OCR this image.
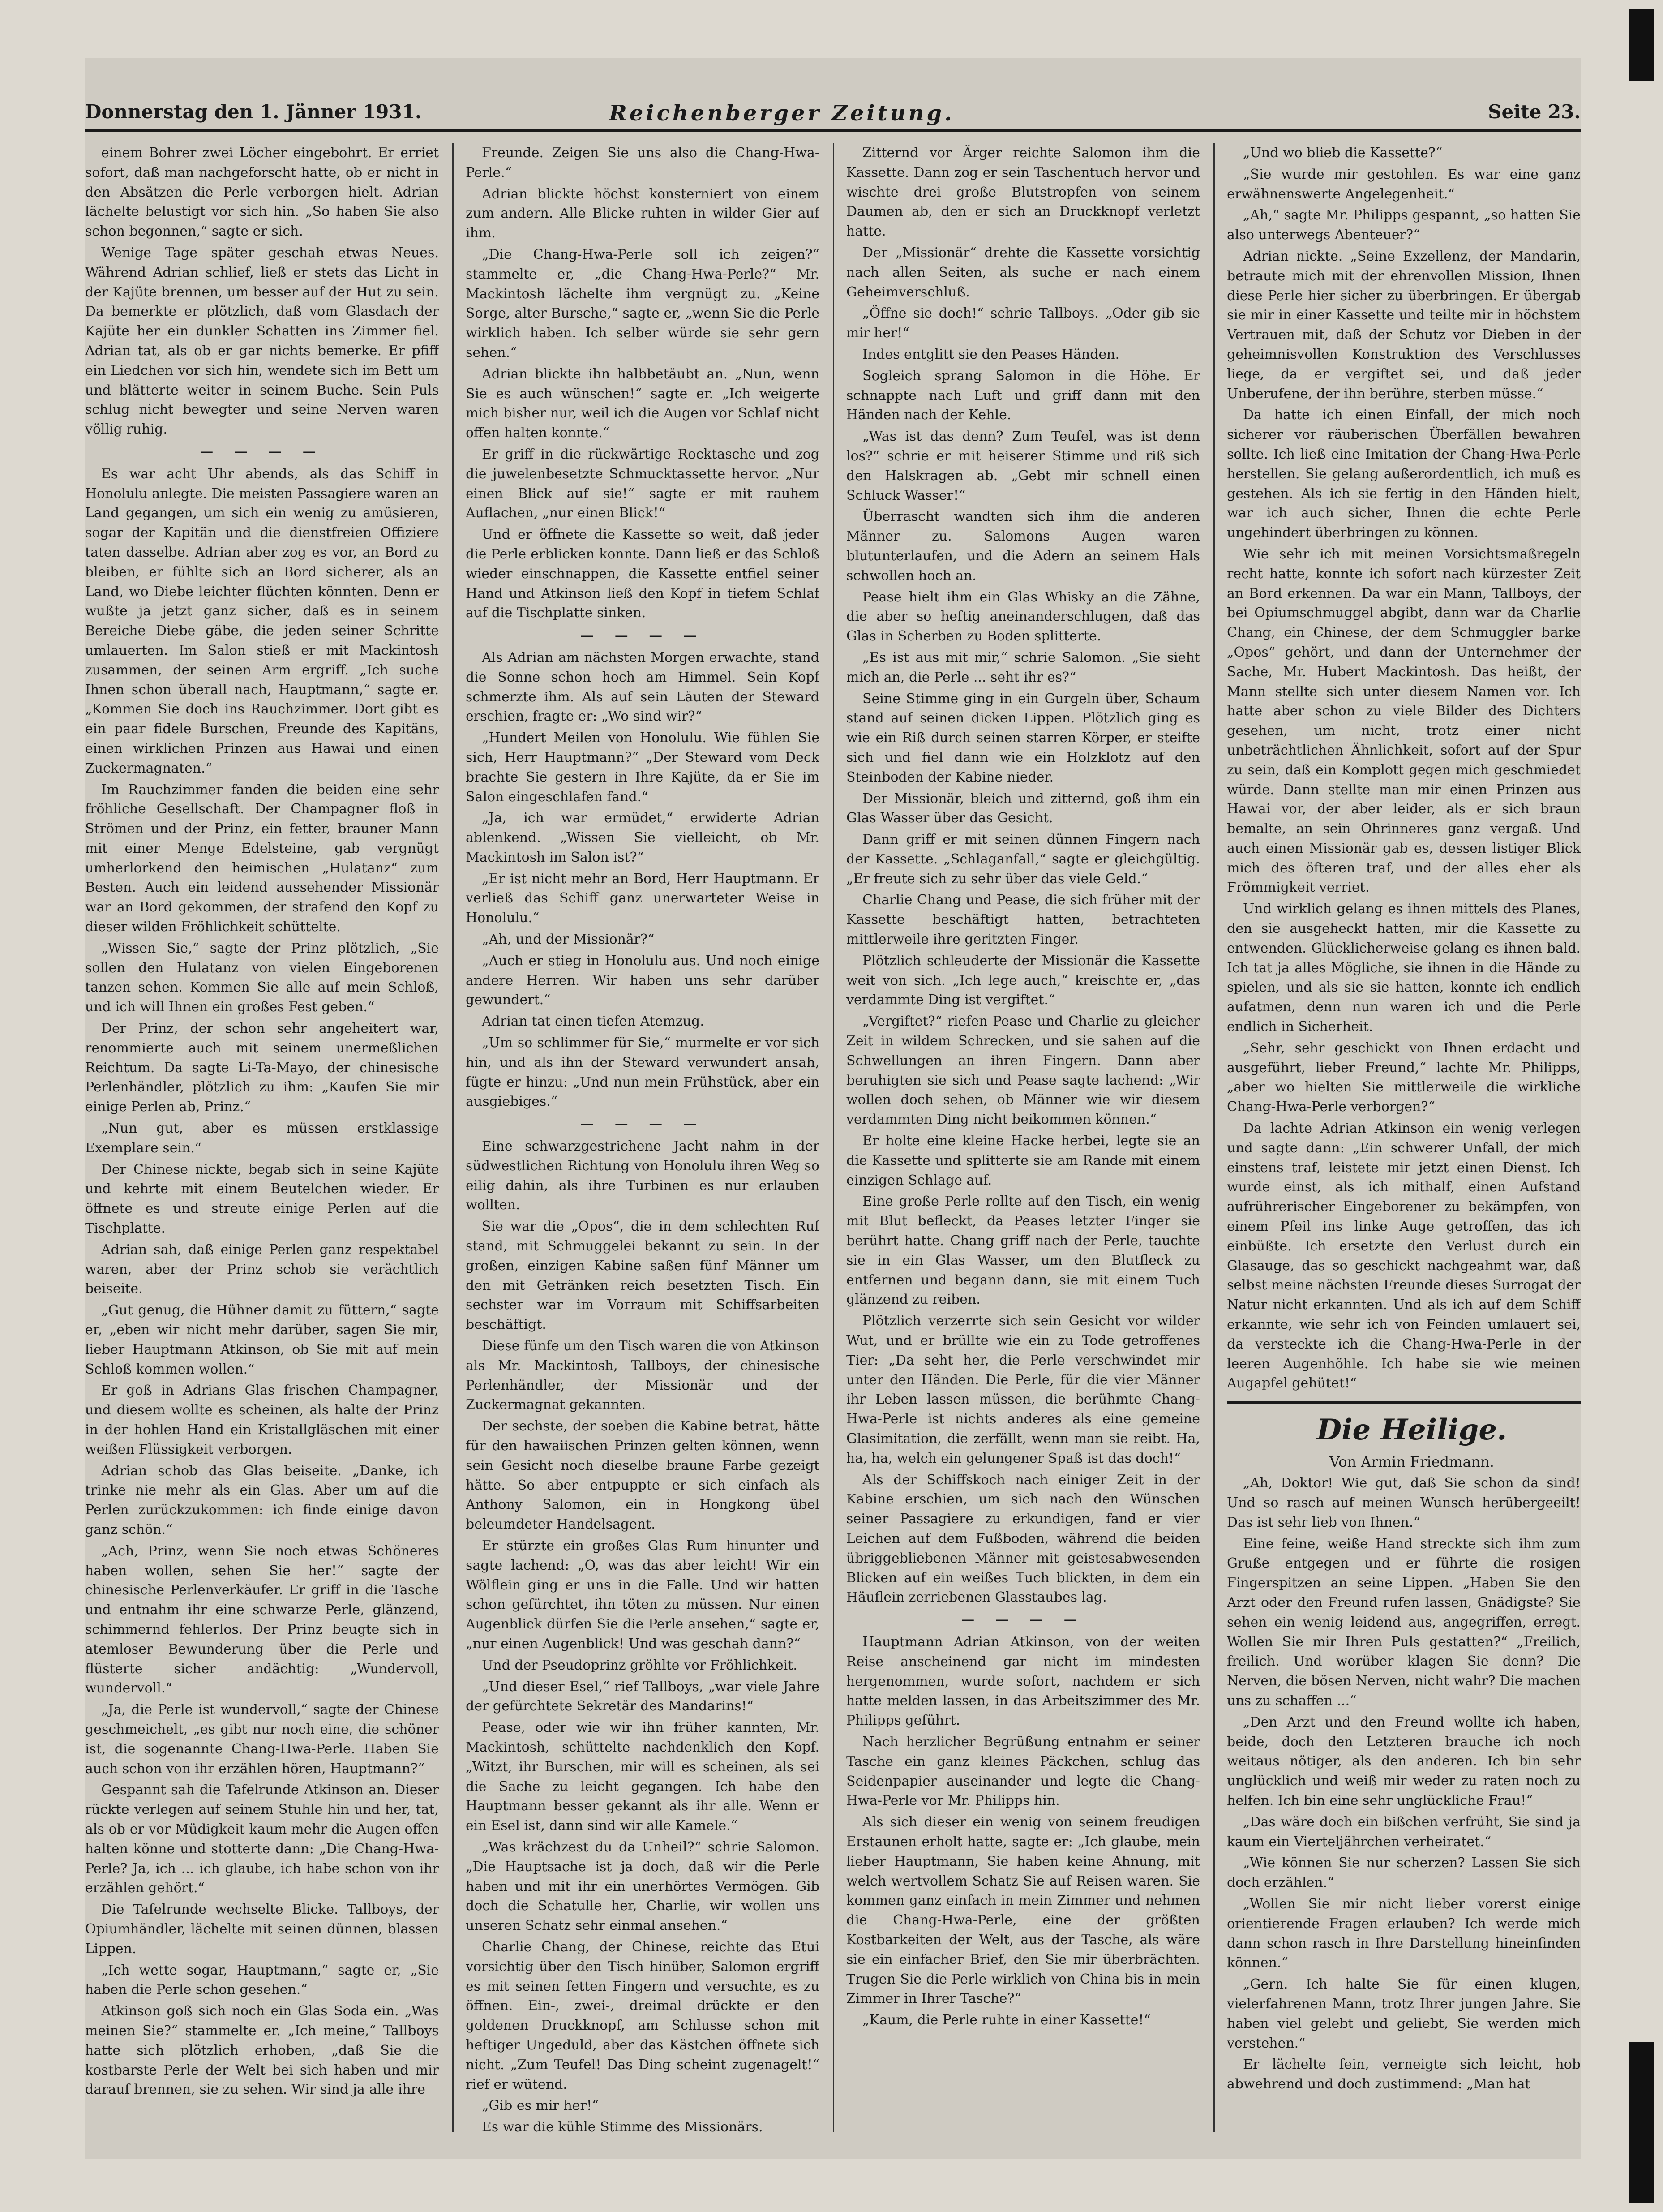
Donnerstag den 1. Jänner 1931.	Reichenberger Zeitung.	Seite 23.

einem Bohrer zwei Löcher eingebohrt. Er erriet sofort, daß man nachgeforscht hatte, ob er nicht in den Absätzen die Perle verborgen hielt. Adrian lächelte belustigt vor sich hin. „So haben Sie also schon begonnen,“ sagte er sich.

Wenige Tage später geschah etwas Neues. Während Adrian schlief, ließ er stets das Licht in der Kajüte brennen, um besser auf der Hut zu sein. Da bemerkte er plötzlich, daß vom Glasdach der Kajüte her ein dunkler Schatten ins Zimmer fiel. Adrian tat, als ob er gar nichts bemerke. Er pfiff ein Liedchen vor sich hin, wendete sich im Bett um und blätterte weiter in seinem Buche. Sein Puls schlug nicht bewegter und seine Nerven waren völlig ruhig.

— — — —

Es war acht Uhr abends, als das Schiff in Honolulu anlegte. Die meisten Passagiere waren an Land gegangen, um sich ein wenig zu amüsieren, sogar der Kapitän und die dienstfreien Offiziere taten dasselbe. Adrian aber zog es vor, an Bord zu bleiben, er fühlte sich an Bord sicherer, als an Land, wo Diebe leichter flüchten könnten. Denn er wußte ja jetzt ganz sicher, daß es in seinem Bereiche Diebe gäbe, die jeden seiner Schritte umlauerten. Im Salon stieß er mit Mackintosh zusammen, der seinen Arm ergriff. „Ich suche Ihnen schon überall nach, Hauptmann,“ sagte er. „Kommen Sie doch ins Rauchzimmer. Dort gibt es ein paar fidele Burschen, Freunde des Kapitäns, einen wirklichen Prinzen aus Hawai und einen Zuckermagnaten.“

Im Rauchzimmer fanden die beiden eine sehr fröhliche Gesellschaft. Der Champagner floß in Strömen und der Prinz, ein fetter, brauner Mann mit einer Menge Edelsteine, gab vergnügt umherlorkend den heimischen „Hulatanz“ zum Besten. Auch ein leidend aussehender Missionär war an Bord gekommen, der strafend den Kopf zu dieser wilden Fröhlichkeit schüttelte.

„Wissen Sie,“ sagte der Prinz plötzlich, „Sie sollen den Hulatanz von vielen Eingeborenen tanzen sehen. Kommen Sie alle auf mein Schloß, und ich will Ihnen ein großes Fest geben.“

Der Prinz, der schon sehr angeheitert war, renommierte auch mit seinem unermeßlichen Reichtum. Da sagte Li-Ta-Mayo, der chinesische Perlenhändler, plötzlich zu ihm: „Kaufen Sie mir einige Perlen ab, Prinz.“

„Nun gut, aber es müssen erstklassige Exemplare sein.“

Der Chinese nickte, begab sich in seine Kajüte und kehrte mit einem Beutelchen wieder. Er öffnete es und streute einige Perlen auf die Tischplatte.

Adrian sah, daß einige Perlen ganz respektabel waren, aber der Prinz schob sie verächtlich beiseite.

„Gut genug, die Hühner damit zu füttern,“ sagte er, „eben wir nicht mehr darüber, sagen Sie mir, lieber Hauptmann Atkinson, ob Sie mit auf mein Schloß kommen wollen.“

Er goß in Adrians Glas frischen Champagner, und diesem wollte es scheinen, als halte der Prinz in der hohlen Hand ein Kristallgläschen mit einer weißen Flüssigkeit verborgen.

Adrian schob das Glas beiseite. „Danke, ich trinke nie mehr als ein Glas. Aber um auf die Perlen zurückzukommen: ich finde einige davon ganz schön.“

„Ach, Prinz, wenn Sie noch etwas Schöneres haben wollen, sehen Sie her!“ sagte der chinesische Perlenverkäufer. Er griff in die Tasche und entnahm ihr eine schwarze Perle, glänzend, schimmernd fehlerlos. Der Prinz beugte sich in atemloser Bewunderung über die Perle und flüsterte sicher andächtig: „Wundervoll, wundervoll.“

„Ja, die Perle ist wundervoll,“ sagte der Chinese geschmeichelt, „es gibt nur noch eine, die schöner ist, die sogenannte Chang-Hwa-Perle. Haben Sie auch schon von ihr erzählen hören, Hauptmann?“

Gespannt sah die Tafelrunde Atkinson an. Dieser rückte verlegen auf seinem Stuhle hin und her, tat, als ob er vor Müdigkeit kaum mehr die Augen offen halten könne und stotterte dann: „Die Chang-Hwa-Perle? Ja, ich ... ich glaube, ich habe schon von ihr erzählen gehört.“

Die Tafelrunde wechselte Blicke. Tallboys, der Opiumhändler, lächelte mit seinen dünnen, blassen Lippen.

„Ich wette sogar, Hauptmann,“ sagte er, „Sie haben die Perle schon gesehen.“

Atkinson goß sich noch ein Glas Soda ein. „Was meinen Sie?“ stammelte er. „Ich meine,“ Tallboys hatte sich plötzlich erhoben, „daß Sie die kostbarste Perle der Welt bei sich haben und mir darauf brennen, sie zu sehen. Wir sind ja alle ihre

Freunde. Zeigen Sie uns also die Chang-Hwa-Perle.“

Adrian blickte höchst konsterniert von einem zum andern. Alle Blicke ruhten in wilder Gier auf ihm.

„Die Chang-Hwa-Perle soll ich zeigen?“ stammelte er, „die Chang-Hwa-Perle?“ Mr. Mackintosh lächelte ihm vergnügt zu. „Keine Sorge, alter Bursche,“ sagte er, „wenn Sie die Perle wirklich haben. Ich selber würde sie sehr gern sehen.“

Adrian blickte ihn halbbetäubt an. „Nun, wenn Sie es auch wünschen!“ sagte er. „Ich weigerte mich bisher nur, weil ich die Augen vor Schlaf nicht offen halten konnte.“

Er griff in die rückwärtige Rocktasche und zog die juwelenbesetzte Schmucktassette hervor. „Nur einen Blick auf sie!“ sagte er mit rauhem Auflachen, „nur einen Blick!“

Und er öffnete die Kassette so weit, daß jeder die Perle erblicken konnte. Dann ließ er das Schloß wieder einschnappen, die Kassette entfiel seiner Hand und Atkinson ließ den Kopf in tiefem Schlaf auf die Tischplatte sinken.

— — — —

Als Adrian am nächsten Morgen erwachte, stand die Sonne schon hoch am Himmel. Sein Kopf schmerzte ihm. Als auf sein Läuten der Steward erschien, fragte er: „Wo sind wir?“

„Hundert Meilen von Honolulu. Wie fühlen Sie sich, Herr Hauptmann?“ „Der Steward vom Deck brachte Sie gestern in Ihre Kajüte, da er Sie im Salon eingeschlafen fand.“

„Ja, ich war ermüdet,“ erwiderte Adrian ablenkend. „Wissen Sie vielleicht, ob Mr. Mackintosh im Salon ist?“

„Er ist nicht mehr an Bord, Herr Hauptmann. Er verließ das Schiff ganz unerwarteter Weise in Honolulu.“

„Ah, und der Missionär?“

„Auch er stieg in Honolulu aus. Und noch einige andere Herren. Wir haben uns sehr darüber gewundert.“

Adrian tat einen tiefen Atemzug.

„Um so schlimmer für Sie,“ murmelte er vor sich hin, und als ihn der Steward verwundert ansah, fügte er hinzu: „Und nun mein Frühstück, aber ein ausgiebiges.“

— — — —

Eine schwarzgestrichene Jacht nahm in der südwestlichen Richtung von Honolulu ihren Weg so eilig dahin, als ihre Turbinen es nur erlauben wollten.

Sie war die „Opos“, die in dem schlechten Ruf stand, mit Schmuggelei bekannt zu sein. In der großen, einzigen Kabine saßen fünf Männer um den mit Getränken reich besetzten Tisch. Ein sechster war im Vorraum mit Schiffsarbeiten beschäftigt.

Diese fünfe um den Tisch waren die von Atkinson als Mr. Mackintosh, Tallboys, der chinesische Perlenhändler, der Missionär und der Zuckermagnat gekannten.

Der sechste, der soeben die Kabine betrat, hätte für den hawaiischen Prinzen gelten können, wenn sein Gesicht noch dieselbe braune Farbe gezeigt hätte. So aber entpuppte er sich einfach als Anthony Salomon, ein in Hongkong übel beleumdeter Handelsagent.

Er stürzte ein großes Glas Rum hinunter und sagte lachend: „O, was das aber leicht! Wir ein Wölflein ging er uns in die Falle. Und wir hatten schon gefürchtet, ihn töten zu müssen. Nur einen Augenblick dürfen Sie die Perle ansehen,“ sagte er, „nur einen Augenblick! Und was geschah dann?“

Und der Pseudoprinz gröhlte vor Fröhlichkeit.

„Und dieser Esel,“ rief Tallboys, „war viele Jahre der gefürchtete Sekretär des Mandarins!“

Pease, oder wie wir ihn früher kannten, Mr. Mackintosh, schüttelte nachdenklich den Kopf. „Witzt, ihr Burschen, mir will es scheinen, als sei die Sache zu leicht gegangen. Ich habe den Hauptmann besser gekannt als ihr alle. Wenn er ein Esel ist, dann sind wir alle Kamele.“

„Was krächzest du da Unheil?“ schrie Salomon. „Die Hauptsache ist ja doch, daß wir die Perle haben und mit ihr ein unerhörtes Vermögen. Gib doch die Schatulle her, Charlie, wir wollen uns unseren Schatz sehr einmal ansehen.“

Charlie Chang, der Chinese, reichte das Etui vorsichtig über den Tisch hinüber, Salomon ergriff es mit seinen fetten Fingern und versuchte, es zu öffnen. Ein-, zwei-, dreimal drückte er den goldenen Druckknopf, am Schlusse schon mit heftiger Ungeduld, aber das Kästchen öffnete sich nicht. „Zum Teufel! Das Ding scheint zugenagelt!“ rief er wütend.

„Gib es mir her!“

Es war die kühle Stimme des Missionärs.

Zitternd vor Ärger reichte Salomon ihm die Kassette. Dann zog er sein Taschentuch hervor und wischte drei große Blutstropfen von seinem Daumen ab, den er sich an Druckknopf verletzt hatte.

Der „Missionär“ drehte die Kassette vorsichtig nach allen Seiten, als suche er nach einem Geheimverschluß.

„Öffne sie doch!“ schrie Tallboys. „Oder gib sie mir her!“

Indes entglitt sie den Peases Händen.

Sogleich sprang Salomon in die Höhe. Er schnappte nach Luft und griff dann mit den Händen nach der Kehle.

„Was ist das denn? Zum Teufel, was ist denn los?“ schrie er mit heiserer Stimme und riß sich den Halskragen ab. „Gebt mir schnell einen Schluck Wasser!“

Überrascht wandten sich ihm die anderen Männer zu. Salomons Augen waren blutunterlaufen, und die Adern an seinem Hals schwollen hoch an.

Pease hielt ihm ein Glas Whisky an die Zähne, die aber so heftig aneinanderschlugen, daß das Glas in Scherben zu Boden splitterte.

„Es ist aus mit mir,“ schrie Salomon. „Sie sieht mich an, die Perle ... seht ihr es?“

Seine Stimme ging in ein Gurgeln über, Schaum stand auf seinen dicken Lippen. Plötzlich ging es wie ein Riß durch seinen starren Körper, er steifte sich und fiel dann wie ein Holzklotz auf den Steinboden der Kabine nieder.

Der Missionär, bleich und zitternd, goß ihm ein Glas Wasser über das Gesicht.

Dann griff er mit seinen dünnen Fingern nach der Kassette. „Schlaganfall,“ sagte er gleichgültig. „Er freute sich zu sehr über das viele Geld.“

Charlie Chang und Pease, die sich früher mit der Kassette beschäftigt hatten, betrachteten mittlerweile ihre geritzten Finger.

Plötzlich schleuderte der Missionär die Kassette weit von sich. „Ich lege auch,“ kreischte er, „das verdammte Ding ist vergiftet.“

„Vergiftet?“ riefen Pease und Charlie zu gleicher Zeit in wildem Schrecken, und sie sahen auf die Schwellungen an ihren Fingern. Dann aber beruhigten sie sich und Pease sagte lachend: „Wir wollen doch sehen, ob Männer wie wir diesem verdammten Ding nicht beikommen können.“

Er holte eine kleine Hacke herbei, legte sie an die Kassette und splitterte sie am Rande mit einem einzigen Schlage auf.

Eine große Perle rollte auf den Tisch, ein wenig mit Blut befleckt, da Peases letzter Finger sie berührt hatte. Chang griff nach der Perle, tauchte sie in ein Glas Wasser, um den Blutfleck zu entfernen und begann dann, sie mit einem Tuch glänzend zu reiben.

Plötzlich verzerrte sich sein Gesicht vor wilder Wut, und er brüllte wie ein zu Tode getroffenes Tier: „Da seht her, die Perle verschwindet mir unter den Händen. Die Perle, für die vier Männer ihr Leben lassen müssen, die berühmte Chang-Hwa-Perle ist nichts anderes als eine gemeine Glasimitation, die zerfällt, wenn man sie reibt. Ha, ha, ha, welch ein gelungener Spaß ist das doch!“

Als der Schiffskoch nach einiger Zeit in der Kabine erschien, um sich nach den Wünschen seiner Passagiere zu erkundigen, fand er vier Leichen auf dem Fußboden, während die beiden übriggebliebenen Männer mit geistesabwesenden Blicken auf ein weißes Tuch blickten, in dem ein Häuflein zerriebenen Glasstaubes lag.

— — — —

Hauptmann Adrian Atkinson, von der weiten Reise anscheinend gar nicht im mindesten hergenommen, wurde sofort, nachdem er sich hatte melden lassen, in das Arbeitszimmer des Mr. Philipps geführt.

Nach herzlicher Begrüßung entnahm er seiner Tasche ein ganz kleines Päckchen, schlug das Seidenpapier auseinander und legte die Chang-Hwa-Perle vor Mr. Philipps hin.

Als sich dieser ein wenig von seinem freudigen Erstaunen erholt hatte, sagte er: „Ich glaube, mein lieber Hauptmann, Sie haben keine Ahnung, mit welch wertvollem Schatz Sie auf Reisen waren. Sie kommen ganz einfach in mein Zimmer und nehmen die Chang-Hwa-Perle, eine der größten Kostbarkeiten der Welt, aus der Tasche, als wäre sie ein einfacher Brief, den Sie mir überbrächten. Trugen Sie die Perle wirklich von China bis in mein Zimmer in Ihrer Tasche?“

„Kaum, die Perle ruhte in einer Kassette!“

„Und wo blieb die Kassette?“

„Sie wurde mir gestohlen. Es war eine ganz erwähnenswerte Angelegenheit.“

„Ah,“ sagte Mr. Philipps gespannt, „so hatten Sie also unterwegs Abenteuer?“

Adrian nickte. „Seine Exzellenz, der Mandarin, betraute mich mit der ehrenvollen Mission, Ihnen diese Perle hier sicher zu überbringen. Er übergab sie mir in einer Kassette und teilte mir in höchstem Vertrauen mit, daß der Schutz vor Dieben in der geheimnisvollen Konstruktion des Verschlusses liege, da er vergiftet sei, und daß jeder Unberufene, der ihn berühre, sterben müsse.“

Da hatte ich einen Einfall, der mich noch sicherer vor räuberischen Überfällen bewahren sollte. Ich ließ eine Imitation der Chang-Hwa-Perle herstellen. Sie gelang außerordentlich, ich muß es gestehen. Als ich sie fertig in den Händen hielt, war ich auch sicher, Ihnen die echte Perle ungehindert überbringen zu können.

Wie sehr ich mit meinen Vorsichtsmaßregeln recht hatte, konnte ich sofort nach kürzester Zeit an Bord erkennen. Da war ein Mann, Tallboys, der bei Opiumschmuggel abgibt, dann war da Charlie Chang, ein Chinese, der dem Schmuggler barke „Opos“ gehört, und dann der Unternehmer der Sache, Mr. Hubert Mackintosh. Das heißt, der Mann stellte sich unter diesem Namen vor. Ich hatte aber schon zu viele Bilder des Dichters gesehen, um nicht, trotz einer nicht unbeträchtlichen Ähnlichkeit, sofort auf der Spur zu sein, daß ein Komplott gegen mich geschmiedet würde. Dann stellte man mir einen Prinzen aus Hawai vor, der aber leider, als er sich braun bemalte, an sein Ohrinneres ganz vergaß. Und auch einen Missionär gab es, dessen listiger Blick mich des öfteren traf, und der alles eher als Frömmigkeit verriet.

Und wirklich gelang es ihnen mittels des Planes, den sie ausgeheckt hatten, mir die Kassette zu entwenden. Glücklicherweise gelang es ihnen bald. Ich tat ja alles Mögliche, sie ihnen in die Hände zu spielen, und als sie sie hatten, konnte ich endlich aufatmen, denn nun waren ich und die Perle endlich in Sicherheit.

„Sehr, sehr geschickt von Ihnen erdacht und ausgeführt, lieber Freund,“ lachte Mr. Philipps, „aber wo hielten Sie mittlerweile die wirkliche Chang-Hwa-Perle verborgen?“

Da lachte Adrian Atkinson ein wenig verlegen und sagte dann: „Ein schwerer Unfall, der mich einstens traf, leistete mir jetzt einen Dienst. Ich wurde einst, als ich mithalf, einen Aufstand aufrührerischer Eingeborener zu bekämpfen, von einem Pfeil ins linke Auge getroffen, das ich einbüßte. Ich ersetzte den Verlust durch ein Glasauge, das so geschickt nachgeahmt war, daß selbst meine nächsten Freunde dieses Surrogat der Natur nicht erkannten. Und als ich auf dem Schiff erkannte, wie sehr ich von Feinden umlauert sei, da versteckte ich die Chang-Hwa-Perle in der leeren Augenhöhle. Ich habe sie wie meinen Augapfel gehütet!“

Die Heilige.

Von Armin Friedmann.

„Ah, Doktor! Wie gut, daß Sie schon da sind! Und so rasch auf meinen Wunsch herübergeeilt! Das ist sehr lieb von Ihnen.“

Eine feine, weiße Hand streckte sich ihm zum Gruße entgegen und er führte die rosigen Fingerspitzen an seine Lippen. „Haben Sie den Arzt oder den Freund rufen lassen, Gnädigste? Sie sehen ein wenig leidend aus, angegriffen, erregt. Wollen Sie mir Ihren Puls gestatten?“ „Freilich, freilich. Und worüber klagen Sie denn? Die Nerven, die bösen Nerven, nicht wahr? Die machen uns zu schaffen ...“

„Den Arzt und den Freund wollte ich haben, beide, doch den Letzteren brauche ich noch weitaus nötiger, als den anderen. Ich bin sehr unglücklich und weiß mir weder zu raten noch zu helfen. Ich bin eine sehr unglückliche Frau!“

„Das wäre doch ein bißchen verfrüht, Sie sind ja kaum ein Vierteljährchen verheiratet.“

„Wie können Sie nur scherzen? Lassen Sie sich doch erzählen.“

„Wollen Sie mir nicht lieber vorerst einige orientierende Fragen erlauben? Ich werde mich dann schon rasch in Ihre Darstellung hineinfinden können.“

„Gern. Ich halte Sie für einen klugen, vielerfahrenen Mann, trotz Ihrer jungen Jahre. Sie haben viel gelebt und geliebt, Sie werden mich verstehen.“

Er lächelte fein, verneigte sich leicht, hob abwehrend und doch zustimmend: „Man hat
